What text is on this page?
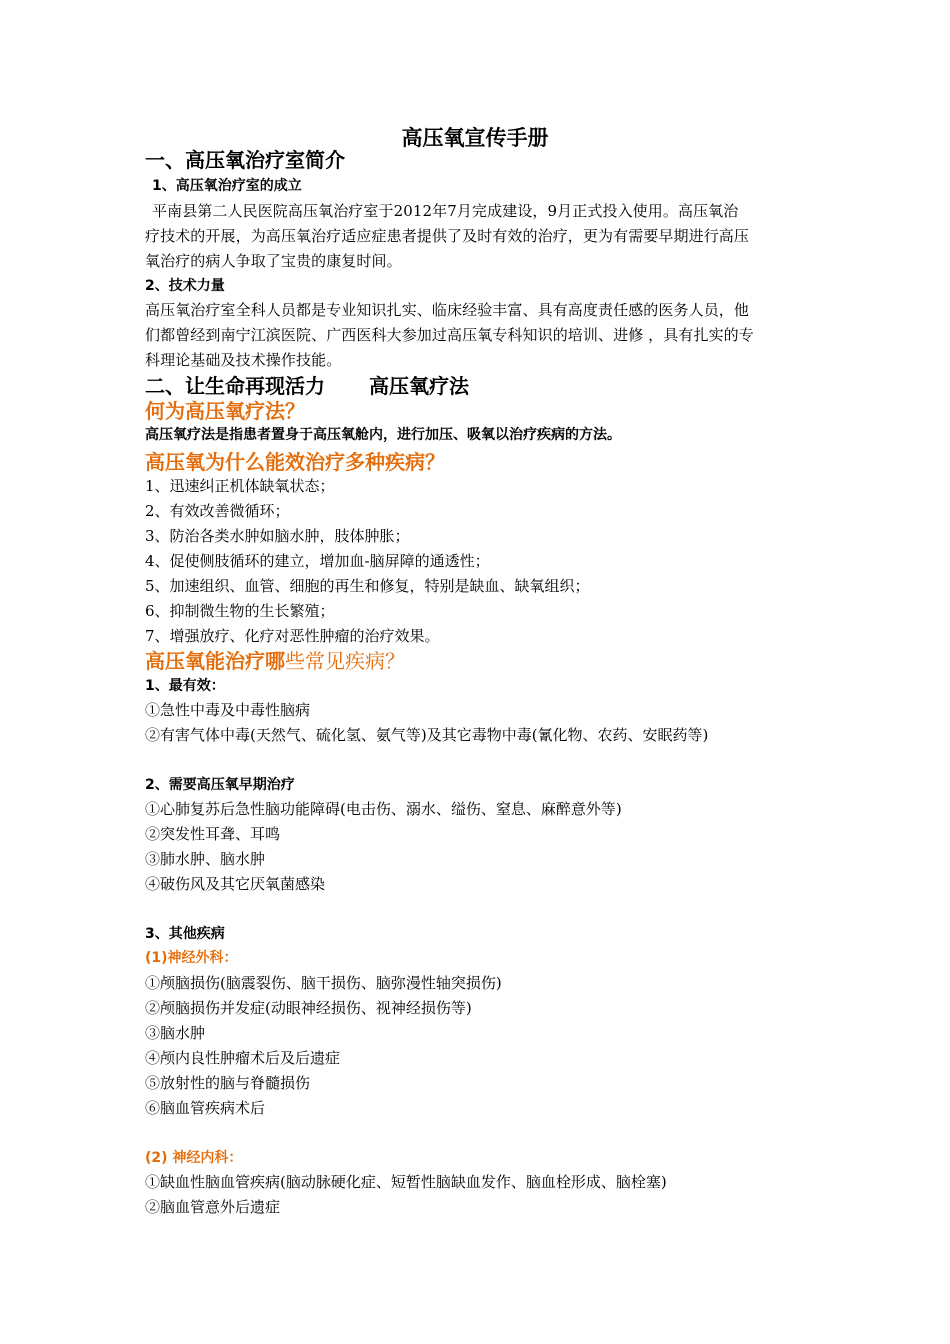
高压氧宣传手册
一、高压氧治疗室简介
1、高压氧治疗室的成立
平南县第二人民医院高压氧治疗室于2012年7月完成建设，9月正式投入使用。高压氧治
疗技术的开展，为高压氧治疗适应症患者提供了及时有效的治疗，更为有需要早期进行高压
氧治疗的病人争取了宝贵的康复时间。
2、技术力量
高压氧治疗室全科人员都是专业知识扎实、临床经验丰富、具有高度责任感的医务人员，他
们都曾经到南宁江滨医院、广西医科大参加过高压氧专科知识的培训、进修 ，具有扎实的专
科理论基础及技术操作技能。
二、让生命再现活力 高压氧疗法
何为高压氧疗法？
高压氧疗法是指患者置身于高压氧舱内，进行加压、吸氧以治疗疾病的方法。
高压氧为什么能效治疗多种疾病？
1、迅速纠正机体缺氧状态；
2、有效改善微循环；
3、防治各类水肿如脑水肿，肢体肿胀；
4、促使侧肢循环的建立，增加血-脑屏障的通透性；
5、加速组织、血管、细胞的再生和修复，特别是缺血、缺氧组织；
6、抑制微生物的生长繁殖；
7、增强放疗、化疗对恶性肿瘤的治疗效果。
高压氧能治疗哪些常见疾病？
1、最有效：
①急性中毒及中毒性脑病
②有害气体中毒(天然气、硫化氢、氨气等)及其它毒物中毒(氰化物、农药、安眠药等)
2、需要高压氧早期治疗
①心肺复苏后急性脑功能障碍(电击伤、溺水、缢伤、窒息、麻醉意外等)
②突发性耳聋、耳鸣
③肺水肿、脑水肿
④破伤风及其它厌氧菌感染
3、其他疾病
(1)神经外科：
①颅脑损伤(脑震裂伤、脑干损伤、脑弥漫性轴突损伤)
②颅脑损伤并发症(动眼神经损伤、视神经损伤等)
③脑水肿
④颅内良性肿瘤术后及后遗症
⑤放射性的脑与脊髓损伤
⑥脑血管疾病术后
(2) 神经内科：
①缺血性脑血管疾病(脑动脉硬化症、短暂性脑缺血发作、脑血栓形成、脑栓塞)
②脑血管意外后遗症
